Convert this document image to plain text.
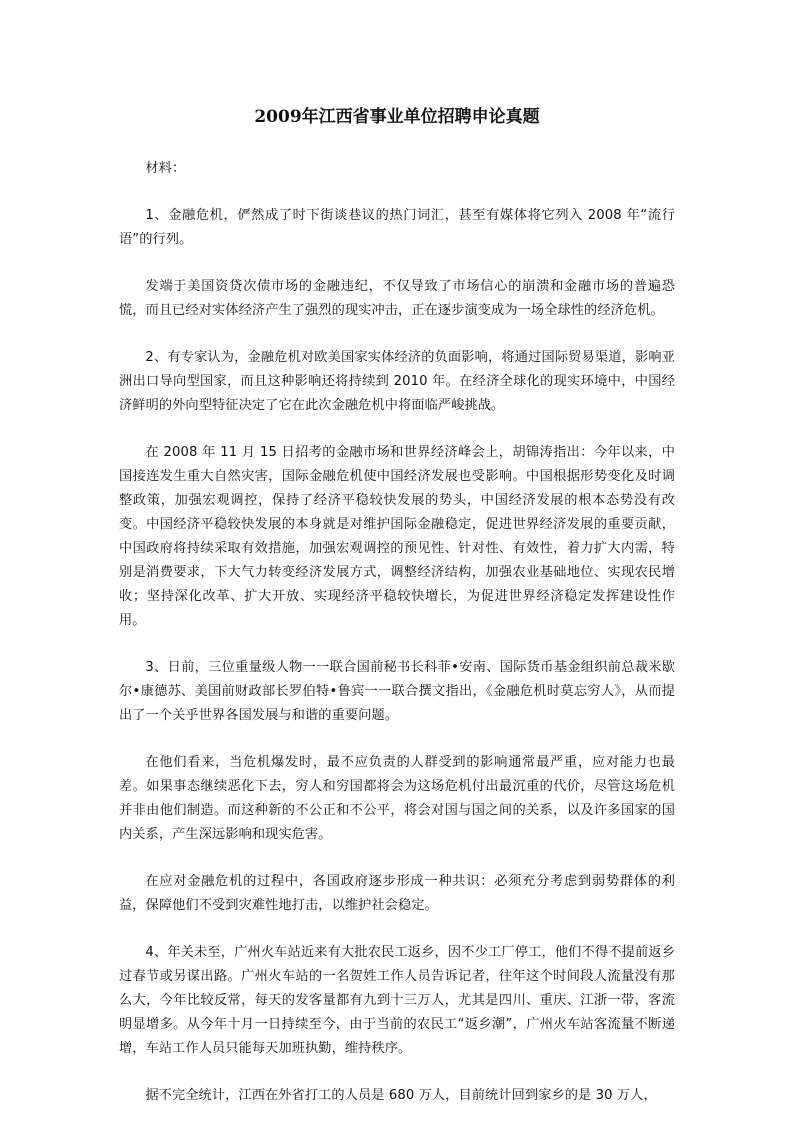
2009年江西省事业单位招聘申论真题

材料：

1、金融危机，俨然成了时下街谈巷议的热门词汇，甚至有媒体将它列入 2008 年“流行语”的行列。

发端于美国资贷次债市场的金融违纪，不仅导致了市场信心的崩溃和金融市场的普遍恐慌，而且已经对实体经济产生了强烈的现实冲击，正在逐步演变成为一场全球性的经济危机。

2、有专家认为，金融危机对欧美国家实体经济的负面影响，将通过国际贸易渠道，影响亚洲出口导向型国家，而且这种影响还将持续到 2010 年。在经济全球化的现实环境中，中国经济鲜明的外向型特征决定了它在此次金融危机中将面临严峻挑战。

在 2008 年 11 月 15 日招考的金融市场和世界经济峰会上，胡锦涛指出：今年以来，中国接连发生重大自然灾害，国际金融危机使中国经济发展也受影响。中国根据形势变化及时调整政策，加强宏观调控，保持了经济平稳较快发展的势头，中国经济发展的根本态势没有改变。中国经济平稳较快发展的本身就是对维护国际金融稳定，促进世界经济发展的重要贡献，中国政府将持续采取有效措施，加强宏观调控的预见性、针对性、有效性，着力扩大内需，特别是消费要求，下大气力转变经济发展方式，调整经济结构，加强农业基础地位、实现农民增收；坚持深化改革、扩大开放、实现经济平稳较快增长，为促进世界经济稳定发挥建设性作用。

3、日前，三位重量级人物一一联合国前秘书长科菲•安南、国际货币基金组织前总裁米歇尔•康德苏、美国前财政部长罗伯特•鲁宾一一联合撰文指出，《金融危机时莫忘穷人》，从而提出了一个关乎世界各国发展与和谐的重要问题。

在他们看来，当危机爆发时，最不应负责的人群受到的影响通常最严重，应对能力也最差。如果事态继续恶化下去，穷人和穷国都将会为这场危机付出最沉重的代价，尽管这场危机并非由他们制造。而这种新的不公正和不公平，将会对国与国之间的关系，以及许多国家的国内关系，产生深远影响和现实危害。

在应对金融危机的过程中，各国政府逐步形成一种共识：必须充分考虑到弱势群体的利益，保障他们不受到灾难性地打击，以维护社会稳定。

4、年关未至，广州火车站近来有大批农民工返乡，因不少工厂停工，他们不得不提前返乡过春节或另谋出路。广州火车站的一名贺姓工作人员告诉记者，往年这个时间段人流量没有那么大，今年比较反常，每天的发客量都有九到十三万人，尤其是四川、重庆、江浙一带，客流明显增多。从今年十月一日持续至今，由于当前的农民工“返乡潮”，广州火车站客流量不断递增，车站工作人员只能每天加班执勤，维持秩序。

据不完全统计，江西在外省打工的人员是 680 万人，目前统计回到家乡的是 30 万人，
